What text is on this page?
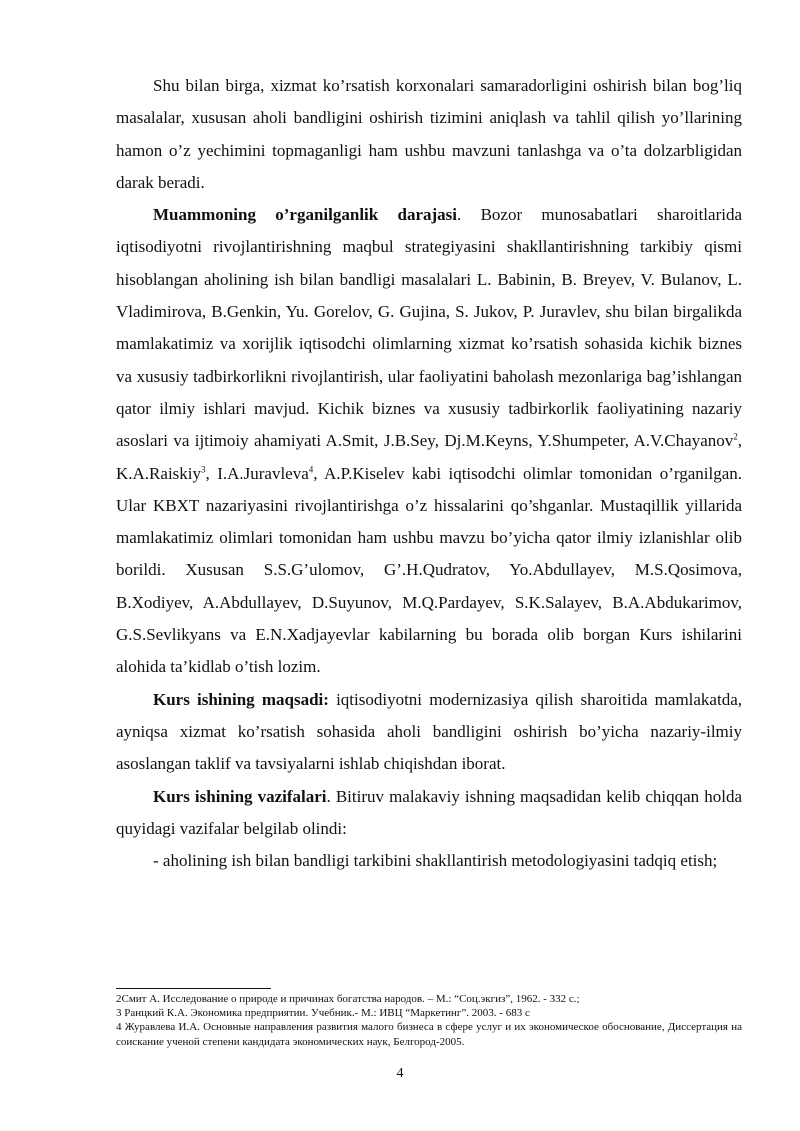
Shu bilan birga, xizmat ko’rsatish korxonalari samaradorligini oshirish bilan bog’liq masalalar, xususan aholi bandligini oshirish tizimini aniqlash va tahlil qilish yo’llarining hamon o’z yechimini topmaganligi ham ushbu mavzuni tanlashga va o’ta dolzarbligidan darak beradi.

Muammoning o’rganilganlik darajasi. Bozor munosabatlari sharoitlarida iqtisodiyotni rivojlantirishning maqbul strategiyasini shakllantirishning tarkibiy qismi hisoblangan aholining ish bilan bandligi masalalari L. Babinin, B. Breyev, V. Bulanov, L. Vladimirova, B.Genkin, Yu. Gorelov, G. Gujina, S. Jukov, P. Juravlev, shu bilan birgalikda mamlakatimiz va xorijlik iqtisodchi olimlarning xizmat ko’rsatish sohasida kichik biznes va xususiy tadbirkorlikni rivojlantirish, ular faoliyatini baholash mezonlariga bag’ishlangan qator ilmiy ishlari mavjud. Kichik biznes va xususiy tadbirkorlik faoliyatining nazariy asoslari va ijtimoiy ahamiyati A.Smit, J.B.Sey, Dj.M.Keyns, Y.Shumpeter, A.V.Chayanov$^2$, K.A.Raiskiy$^3$, I.A.Juravleva$^4$, A.P.Kiselev kabi iqtisodchi olimlar tomonidan o’rganilgan. Ular KBXT nazariyasini rivojlantirishga o’z hissalarini qo’shganlar. Mustaqillik yillarida mamlakatimiz olimlari tomonidan ham ushbu mavzu bo’yicha qator ilmiy izlanishlar olib borildi. Xususan S.S.G’ulomov, G’.H.Qudratov, Yo.Abdullayev, M.S.Qosimova, B.Xodiyev, A.Abdullayev, D.Suyunov, M.Q.Pardayev, S.K.Salayev, B.A.Abdukarimov, G.S.Sevlikyans va E.N.Xadjayevlar kabilarning bu borada olib borgan Kurs ishilarini alohida ta’kidlab o’tish lozim.

Kurs ishining maqsadi: iqtisodiyotni modernizasiya qilish sharoitida mamlakatda, ayniqsa xizmat ko’rsatish sohasida aholi bandligini oshirish bo’yicha nazariy-ilmiy asoslangan taklif va tavsiyalarni ishlab chiqishdan iborat.

Kurs ishining vazifalari. Bitiruv malakaviy ishning maqsadidan kelib chiqqan holda quyidagi vazifalar belgilab olindi:

- aholining ish bilan bandligi tarkibini shakllantirish metodologiyasini tadqiq etish;

2Смит А. Исследование о природе и причинах богатства народов. – М.: “Соц.экгиз”, 1962. - 332 с.;

3 Ранцкий К.А. Экономика предприятии. Учебник.- М.: ИВЦ “Маркетинг”. 2003. - 683 с

4 Журавлева И.А. Основные направления развития малого бизнеса в сфере услуг и их экономическое обоснование, Диссертация на соискание ученой степени кандидата экономических наук, Белгород-2005.

4
